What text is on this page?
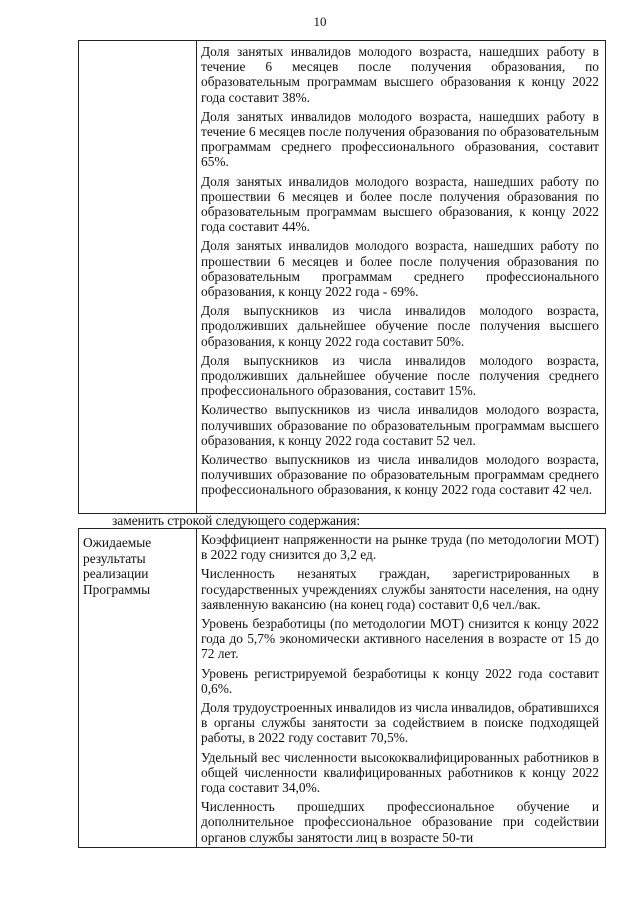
10

Доля занятых инвалидов молодого возраста, нашедших работу в течение 6 месяцев после получения образования, по образовательным программам высшего образования к концу 2022 года составит 38%.

Доля занятых инвалидов молодого возраста, нашедших работу в течение 6 месяцев после получения образования по образовательным программам среднего профессионального образования, составит 65%.

Доля занятых инвалидов молодого возраста, нашедших работу по прошествии 6 месяцев и более после получения образования по образовательным программам высшего образования, к концу 2022 года составит 44%.

Доля занятых инвалидов молодого возраста, нашедших работу по прошествии 6 месяцев и более после получения образования по образовательным программам среднего профессионального образования, к концу 2022 года - 69%.

Доля выпускников из числа инвалидов молодого возраста, продолживших дальнейшее обучение после получения высшего образования, к концу 2022 года составит 50%.

Доля выпускников из числа инвалидов молодого возраста, продолживших дальнейшее обучение после получения среднего профессионального образования, составит 15%.

Количество выпускников из числа инвалидов молодого возраста, получивших образование по образовательным программам высшего образования, к концу 2022 года составит 52 чел.

Количество выпускников из числа инвалидов молодого возраста, получивших образование по образовательным программам среднего профессионального образования, к концу 2022 года составит 42 чел.

заменить строкой следующего содержания:
Ожидаемые результаты реализации Программы

Коэффициент напряженности на рынке труда (по методологии МОТ) в 2022 году снизится до 3,2 ед.

Численность незанятых граждан, зарегистрированных в государственных учреждениях службы занятости населения, на одну заявленную вакансию (на конец года) составит 0,6 чел./вак.

Уровень безработицы (по методологии МОТ) снизится к концу 2022 года до 5,7% экономически активного населения в возрасте от 15 до 72 лет.

Уровень регистрируемой безработицы к концу 2022 года составит 0,6%.

Доля трудоустроенных инвалидов из числа инвалидов, обратившихся в органы службы занятости за содействием в поиске подходящей работы, в 2022 году составит 70,5%.

Удельный вес численности высококвалифицированных работников в общей численности квалифицированных работников к концу 2022 года составит 34,0%.

Численность прошедших профессиональное обучение и дополнительное профессиональное образование при содействии органов службы занятости лиц в возрасте 50-ти
